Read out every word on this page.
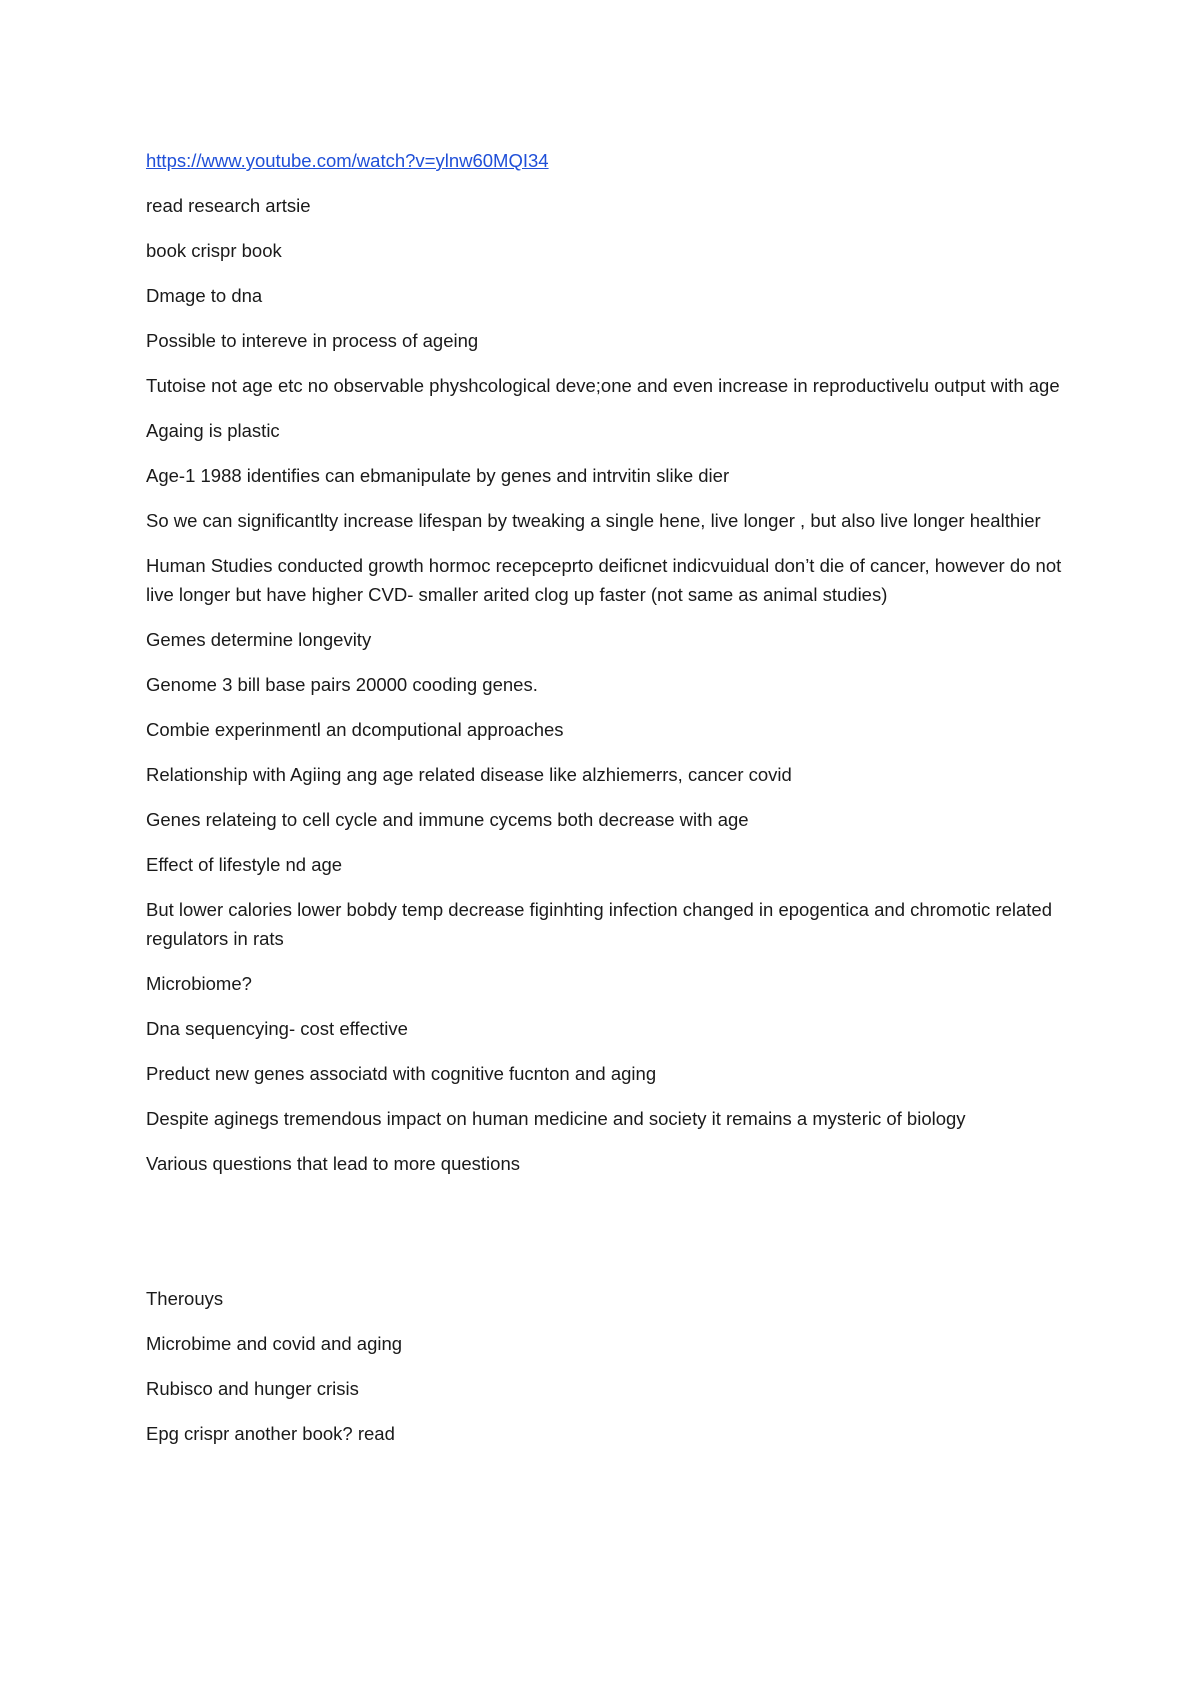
https://www.youtube.com/watch?v=ylnw60MQI34

read research artsie

book crispr book

Dmage to dna

Possible to intereve in process of ageing

Tutoise not age etc no observable physhcological deve;one and even increase in reproductivelu output with age

Againg is plastic

Age-1 1988 identifies can ebmanipulate by genes and intrvitin slike dier

So we can significantlty increase lifespan by tweaking a single hene, live longer , but also live longer healthier

Human Studies conducted growth hormoc recepceprto deificnet indicvuidual don’t die of cancer, however do not live longer but have higher CVD- smaller arited clog up faster (not same as animal studies)

Gemes determine longevity

Genome 3 bill base pairs 20000 cooding genes.

Combie experinmentl an dcomputional approaches

Relationship with Agiing ang age related disease like alzhiemerrs, cancer covid

Genes relateing to cell cycle and immune cycems both decrease with age

Effect of lifestyle nd age

But lower calories lower bobdy temp decrease figinhting infection changed in epogentica and chromotic related regulators in rats

Microbiome?

Dna sequencying- cost effective

Preduct new genes associatd with cognitive fucnton and aging

Despite aginegs tremendous impact on human medicine and society it remains a mysteric of biology

Various questions that lead to more questions

Therouys

Microbime and covid and aging

Rubisco and hunger crisis

Epg crispr another book? read
